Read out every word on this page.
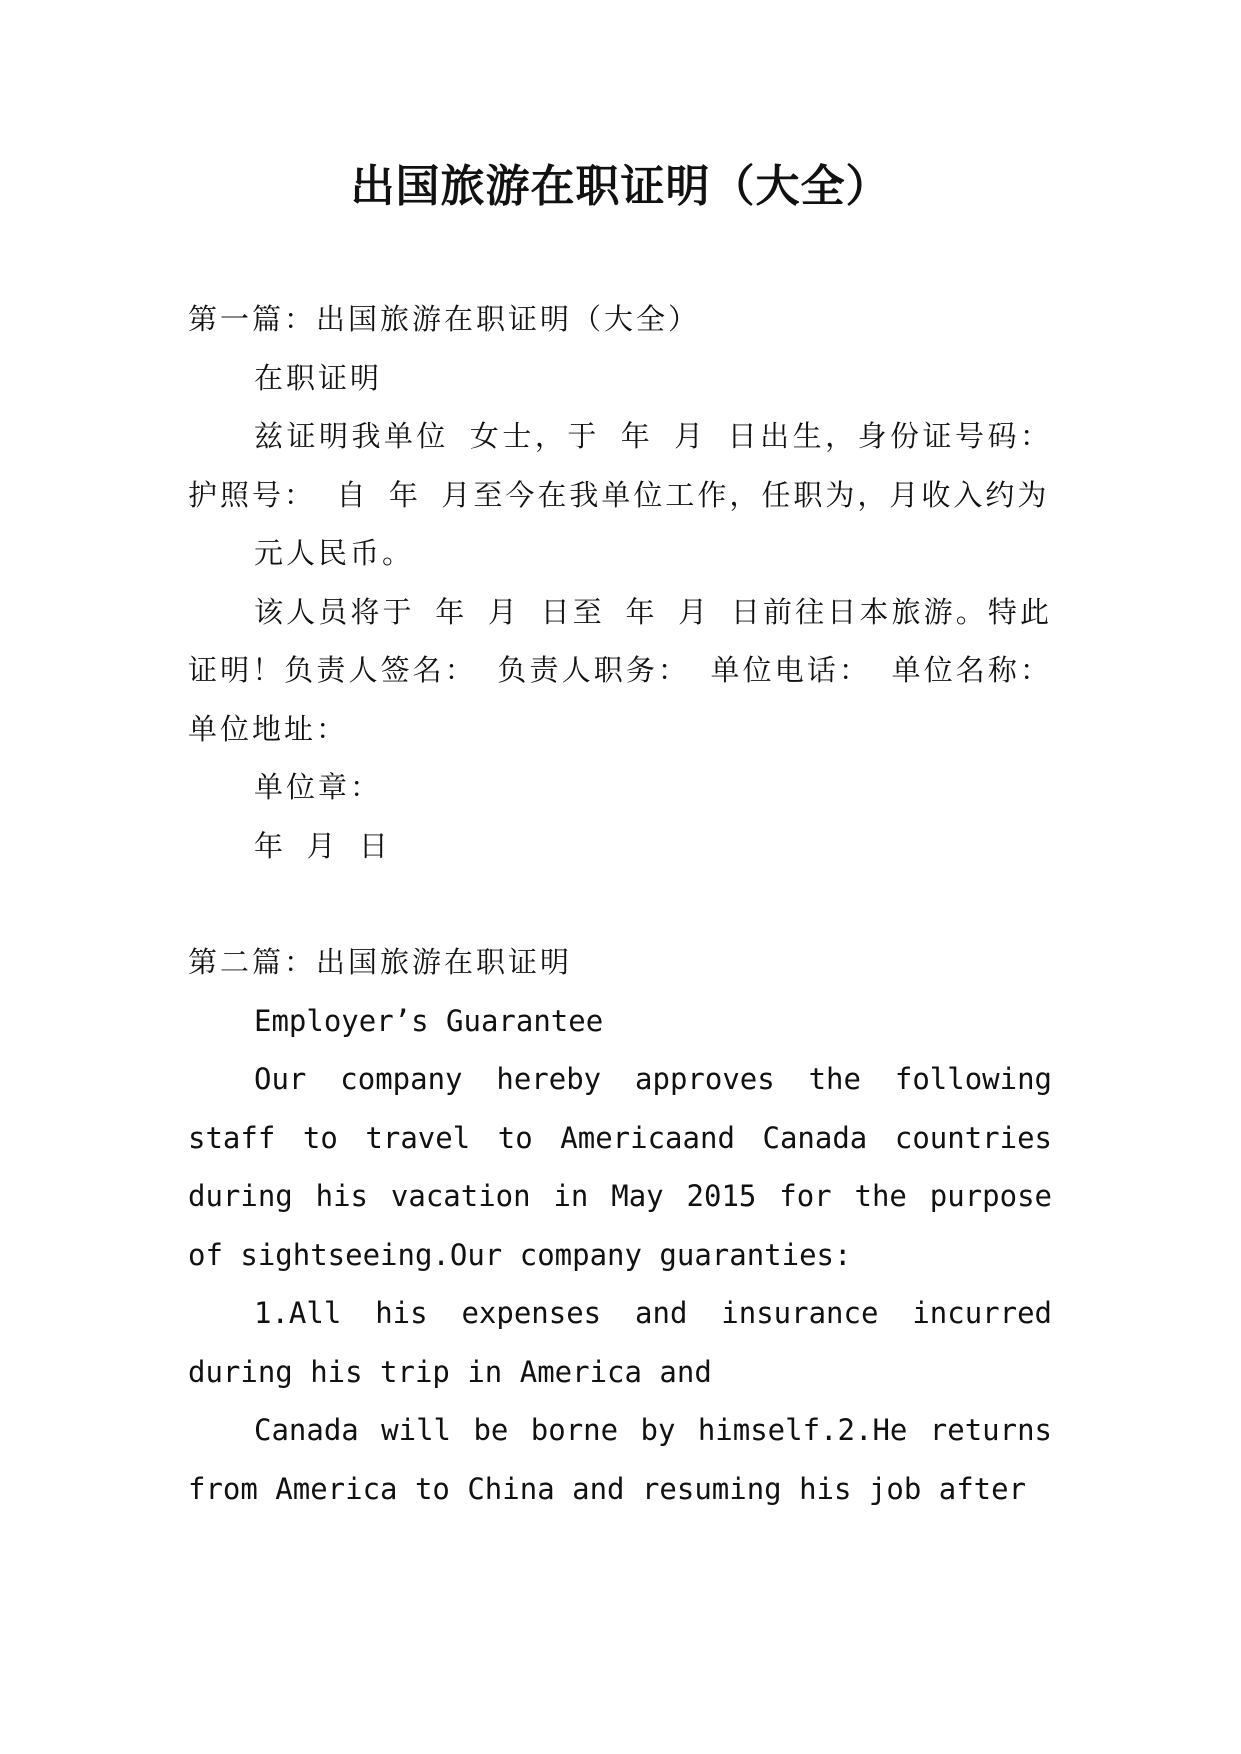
出国旅游在职证明（大全）

第一篇：出国旅游在职证明（大全）

在职证明

兹证明我单位 女士，于 年 月 日出生，身份证号码：护照号： 自 年 月至今在我单位工作，任职为，月收入约为

元人民币。

该人员将于 年 月 日至 年 月 日前往日本旅游。特此证明！负责人签名： 负责人职务： 单位电话： 单位名称：单位地址：

单位章：

年 月 日

第二篇：出国旅游在职证明

Employer’s Guarantee

Our company hereby approves the following staff to travel to Americaand Canada countries during his vacation in May 2015 for the purpose of sightseeing.Our company guaranties:

1.All his expenses and insurance incurred during his trip in America and

Canada will be borne by himself.2.He returns from America to China and resuming his job after
